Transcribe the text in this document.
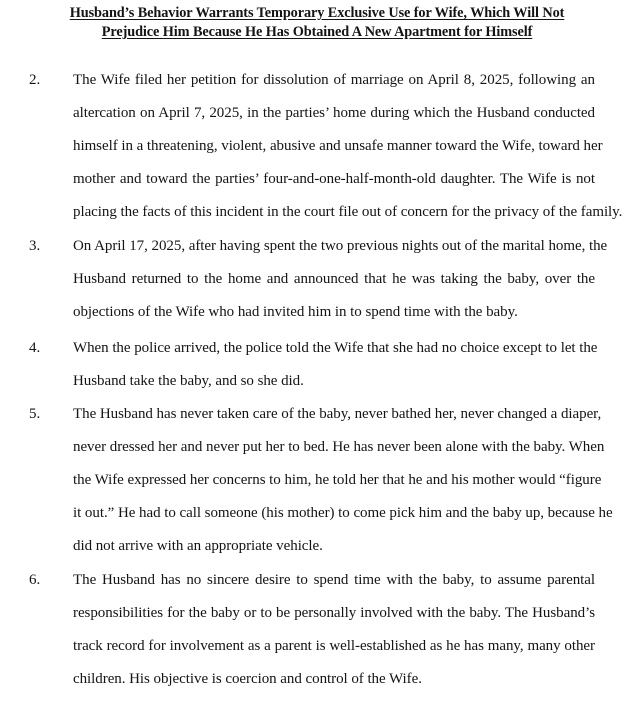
Husband’s Behavior Warrants Temporary Exclusive Use for Wife, Which Will Not
Prejudice Him Because He Has Obtained A New Apartment for Himself
2. The Wife filed her petition for dissolution of marriage on April 8, 2025, following an
altercation on April 7, 2025, in the parties’ home during which the Husband conducted
himself in a threatening, violent, abusive and unsafe manner toward the Wife, toward her
mother and toward the parties’ four-and-one-half-month-old daughter. The Wife is not
placing the facts of this incident in the court file out of concern for the privacy of the family.
3. On April 17, 2025, after having spent the two previous nights out of the marital home, the
Husband returned to the home and announced that he was taking the baby, over the
objections of the Wife who had invited him in to spend time with the baby.
4. When the police arrived, the police told the Wife that she had no choice except to let the
Husband take the baby, and so she did.
5. The Husband has never taken care of the baby, never bathed her, never changed a diaper,
never dressed her and never put her to bed. He has never been alone with the baby. When
the Wife expressed her concerns to him, he told her that he and his mother would “figure
it out.” He had to call someone (his mother) to come pick him and the baby up, because he
did not arrive with an appropriate vehicle.
6. The Husband has no sincere desire to spend time with the baby, to assume parental
responsibilities for the baby or to be personally involved with the baby. The Husband’s
track record for involvement as a parent is well-established as he has many, many other
children. His objective is coercion and control of the Wife.
